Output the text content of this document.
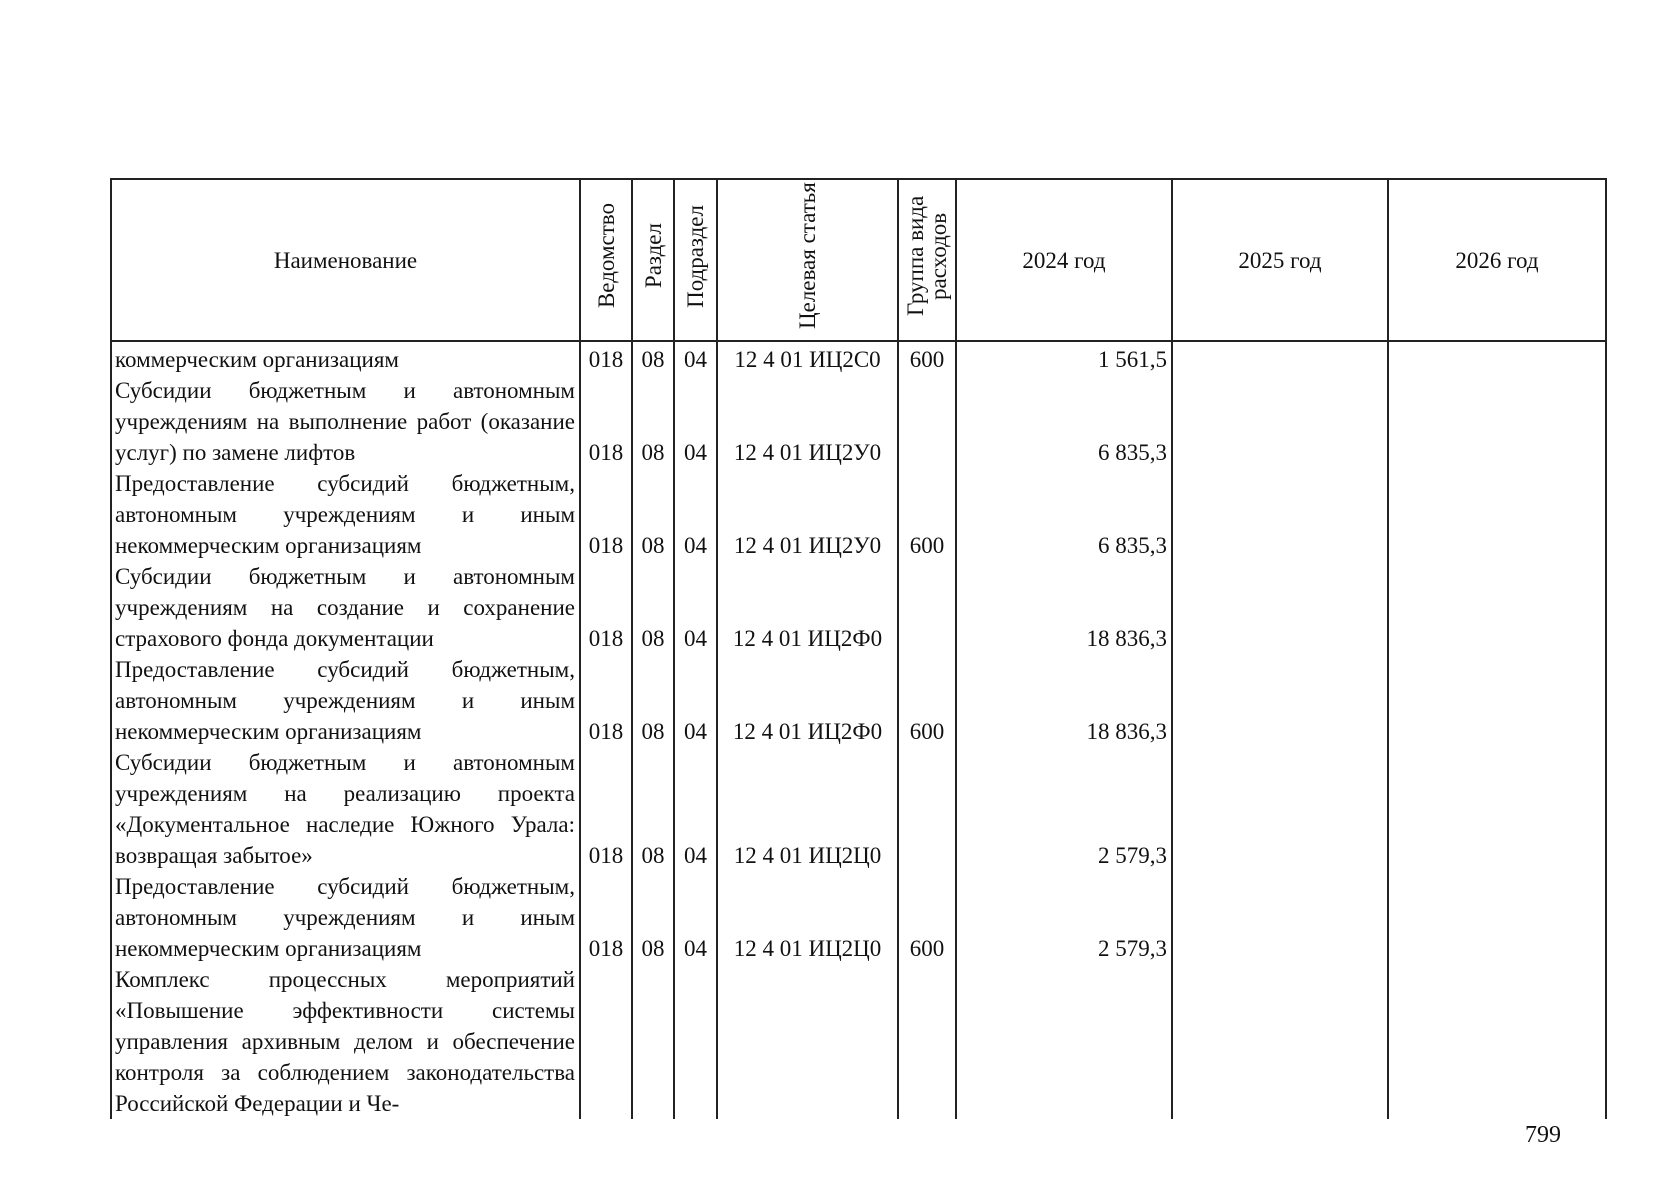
Наименование	Ведомство	Раздел	Подраздел	Целевая статья	Группа вида расходов	2024 год	2025 год	2026 год
коммерческим организациям	018	08	04	12 4 01 ИЦ2С0	600	1 561,5		
Субсидии бюджетным и автономным учреждениям на выполнение работ (оказание услуг) по замене лифтов	018	08	04	12 4 01 ИЦ2У0		6 835,3		
Предоставление субсидий бюджетным, автономным учреждениям и иным некоммерческим организациям	018	08	04	12 4 01 ИЦ2У0	600	6 835,3		
Субсидии бюджетным и автономным учреждениям на создание и сохранение страхового фонда документации	018	08	04	12 4 01 ИЦ2Ф0		18 836,3		
Предоставление субсидий бюджетным, автономным учреждениям и иным некоммерческим организациям	018	08	04	12 4 01 ИЦ2Ф0	600	18 836,3		
Субсидии бюджетным и автономным учреждениям на реализацию проекта «Документальное наследие Южного Урала: возвращая забытое»	018	08	04	12 4 01 ИЦ2Ц0		2 579,3		
Предоставление субсидий бюджетным, автономным учреждениям и иным некоммерческим организациям	018	08	04	12 4 01 ИЦ2Ц0	600	2 579,3		
Комплекс процессных мероприятий «Повышение эффективности системы управления архивным делом и обеспечение контроля за соблюдением законодательства Российской Федерации и Че-								
799
